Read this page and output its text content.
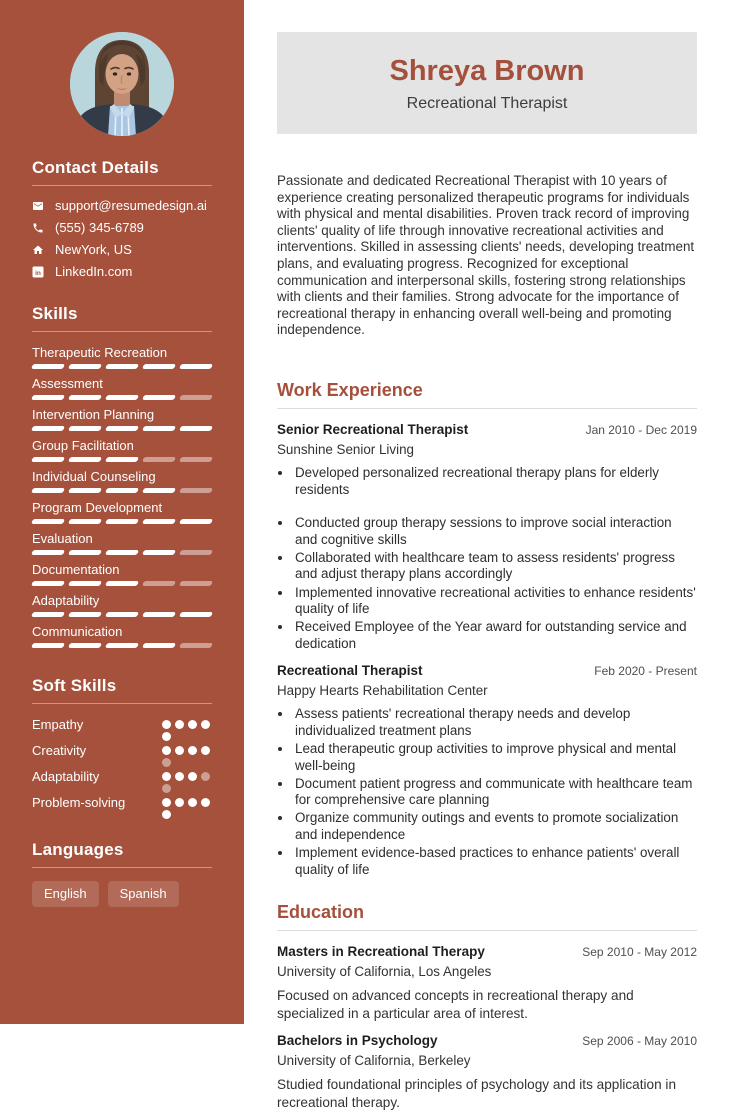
Contact Details
support@resumedesign.ai
(555) 345-6789
NewYork, US
in LinkedIn.com
Skills
Therapeutic Recreation
Assessment
Intervention Planning
Group Facilitation
Individual Counseling
Program Development
Evaluation
Documentation
Adaptability
Communication
Soft Skills
Empathy
Creativity
Adaptability
Problem-solving
Languages
English	Spanish
Shreya Brown

Recreational Therapist

Passionate and dedicated Recreational Therapist with 10 years of experience creating personalized therapeutic programs for individuals with physical and mental disabilities. Proven track record of improving clients' quality of life through innovative recreational activities and interventions. Skilled in assessing clients' needs, developing treatment plans, and evaluating progress. Recognized for exceptional communication and interpersonal skills, fostering strong relationships with clients and their families. Strong advocate for the importance of recreational therapy in enhancing overall well-being and promoting independence.

Work Experience
Senior Recreational Therapist	Jan 2010 - Dec 2019
Sunshine Senior Living
• Developed personalized recreational therapy plans for elderly residents
• Conducted group therapy sessions to improve social interaction and cognitive skills
• Collaborated with healthcare team to assess residents' progress and adjust therapy plans accordingly
• Implemented innovative recreational activities to enhance residents' quality of life
• Received Employee of the Year award for outstanding service and dedication
Recreational Therapist	Feb 2020 - Present
Happy Hearts Rehabilitation Center
• Assess patients' recreational therapy needs and develop individualized treatment plans
• Lead therapeutic group activities to improve physical and mental well-being
• Document patient progress and communicate with healthcare team for comprehensive care planning
• Organize community outings and events to promote socialization and independence
• Implement evidence-based practices to enhance patients' overall quality of life
Education
Masters in Recreational Therapy	Sep 2010 - May 2012
University of California, Los Angeles

Focused on advanced concepts in recreational therapy and specialized in a particular area of interest.

Bachelors in Psychology	Sep 2006 - May 2010
University of California, Berkeley

Studied foundational principles of psychology and its application in recreational therapy.
